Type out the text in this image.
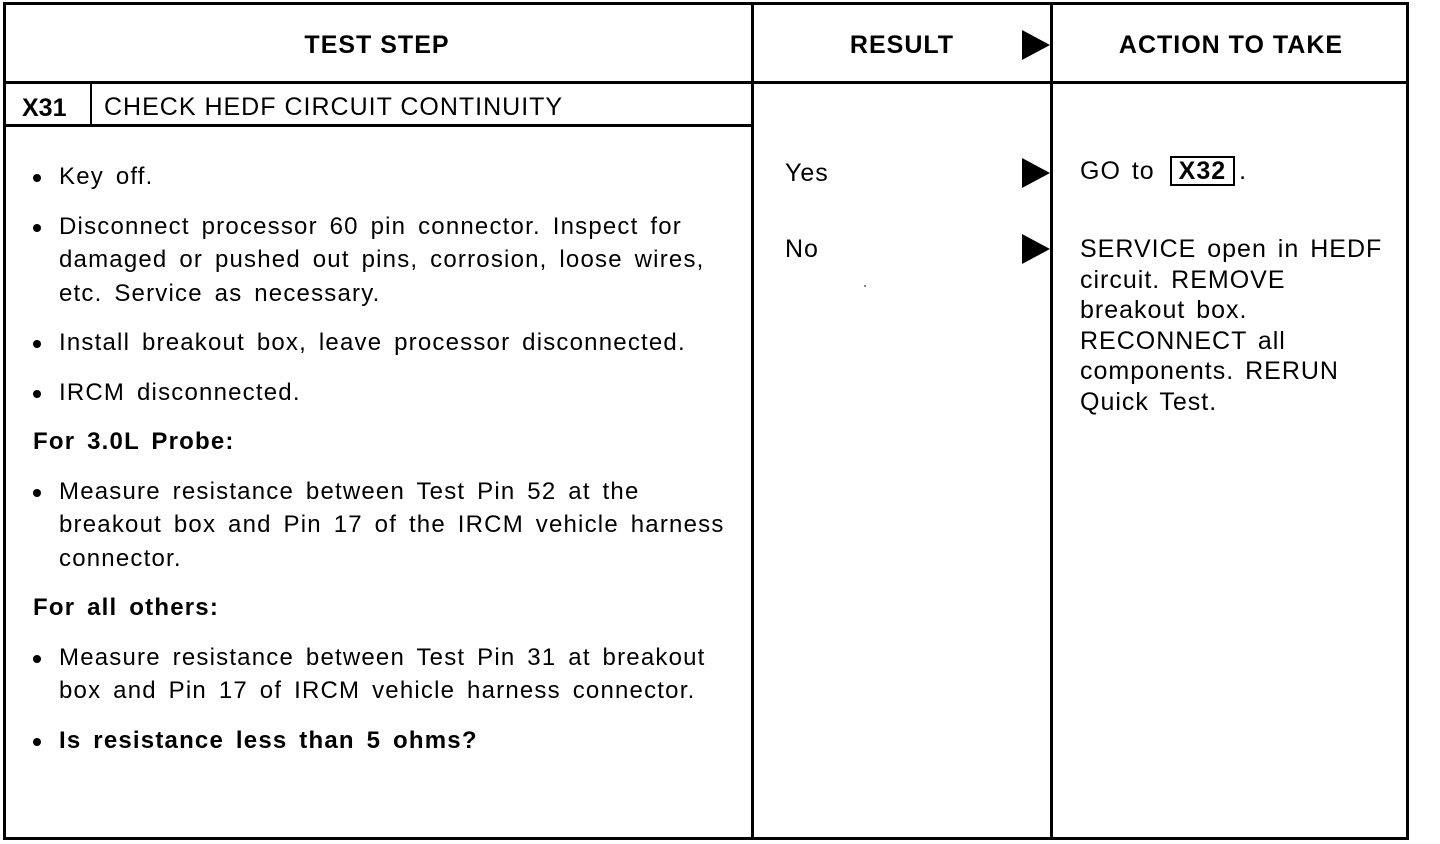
TEST STEP	RESULT	ACTION TO TAKE
X31 CHECK HEDF CIRCUIT CONTINUITY
Key off.
Disconnect processor 60 pin connector. Inspect for damaged or pushed out pins, corrosion, loose wires, etc. Service as necessary.
Install breakout box, leave processor disconnected.
IRCM disconnected.
For 3.0L Probe:
Measure resistance between Test Pin 52 at the breakout box and Pin 17 of the IRCM vehicle harness connector.
For all others:
Measure resistance between Test Pin 31 at breakout box and Pin 17 of IRCM vehicle harness connector.
Is resistance less than 5 ohms?
Yes
No
GO to X32 .
SERVICE open in HEDF circuit. REMOVE breakout box. RECONNECT all components. RERUN Quick Test.
